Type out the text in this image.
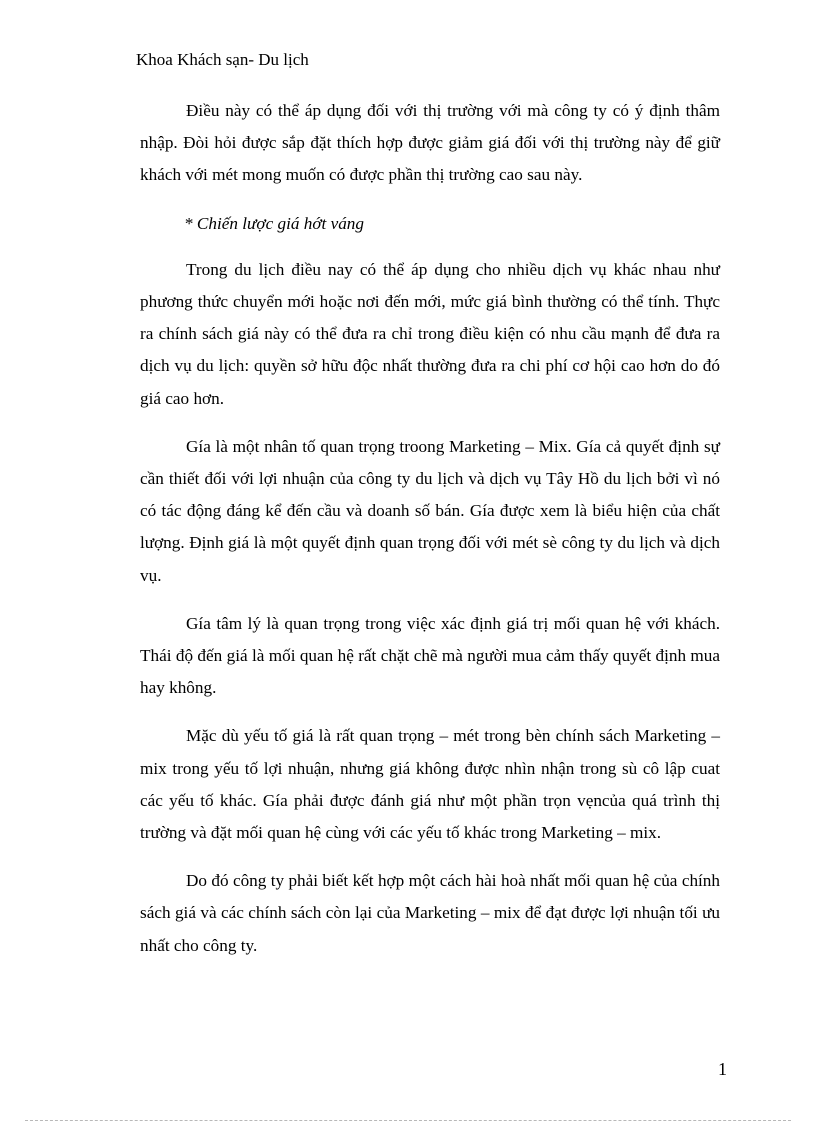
Khoa Khách sạn- Du lịch

Điều này có thể áp dụng đối với thị trường với mà công ty có ý định thâm nhập. Đòi hỏi được sắp đặt thích hợp được giảm giá đối với thị trường này để giữ khách với mét mong muốn có được phần thị trường cao sau này.

* Chiến lược giá hớt váng

Trong du lịch điều nay có thể áp dụng cho nhiều dịch vụ khác nhau như phương thức chuyển mới hoặc nơi đến mới, mức giá bình thường có thể tính. Thực ra chính sách giá này có thể đưa ra chỉ trong điều kiện có nhu cầu mạnh để đưa ra dịch vụ du lịch: quyền sở hữu độc nhất thường đưa ra chi phí cơ hội cao hơn do đó giá cao hơn.

Gía là một nhân tố quan trọng troong Marketing – Mix. Gía cả quyết định sự cần thiết đối với lợi nhuận của công ty du lịch và dịch vụ Tây Hồ du lịch bởi vì nó có tác động đáng kể đến cầu và doanh số bán. Gía được xem là biểu hiện của chất lượng. Định giá là một quyết định quan trọng đối với mét sè công ty du lịch và dịch vụ.

Gía tâm lý là quan trọng trong việc xác định giá trị mối quan hệ với khách. Thái độ đến giá là mối quan hệ rất chặt chẽ mà người mua cảm thấy quyết định mua hay không.

Mặc dù yếu tố giá là rất quan trọng – mét trong bèn chính sách Marketing – mix trong yếu tố lợi nhuận, nhưng giá không được nhìn nhận trong sù cô lập cuat các yếu tố khác. Gía phải được đánh giá như một phần trọn vẹncủa quá trình thị trường và đặt mối quan hệ cùng với các yếu tố khác trong Marketing – mix.

Do đó công ty phải biết kết hợp một cách hài hoà nhất mối quan hệ của chính sách giá và các chính sách còn lại của Marketing – mix để đạt được lợi nhuận tối ưu nhất cho công ty.

1
